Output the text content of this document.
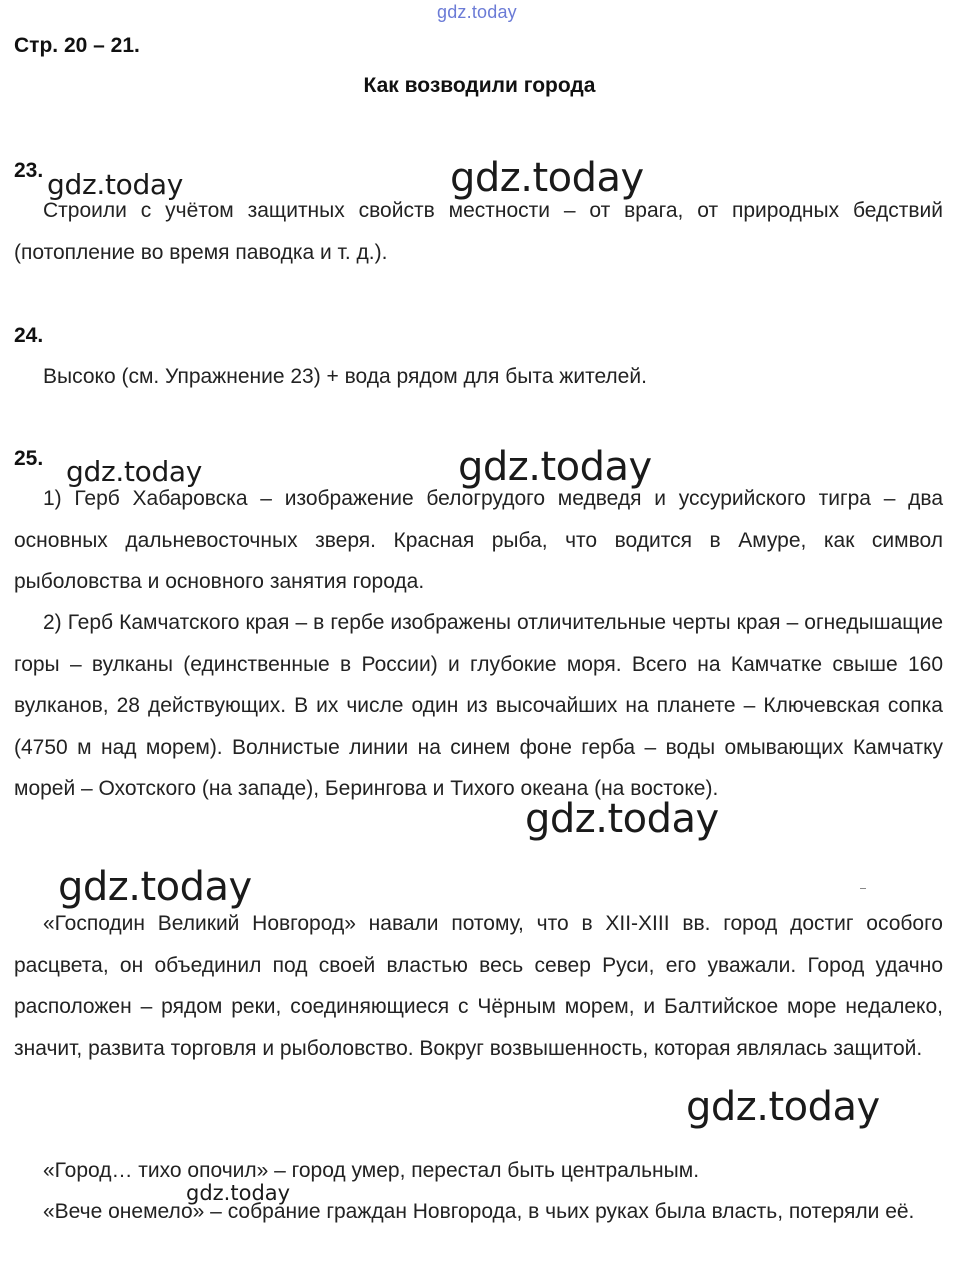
gdz.today
Стр. 20 – 21.
Как возводили города
23.

Строили с учётом защитных свойств местности – от врага, от природных бедствий (потопление во время паводка и т. д.).

24.
Высоко (см. Упражнение 23) + вода рядом для быта жителей.
25.

1) Герб Хабаровска – изображение белогрудого медведя и уссурийского тигра – два основных дальневосточных зверя. Красная рыба, что водится в Амуре, как символ рыболовства и основного занятия города.

2) Герб Камчатского края – в гербе изображены отличительные черты края – огнедышащие горы – вулканы (единственные в России) и глубокие моря. Всего на Камчатке свыше 160 вулканов, 28 действующих. В их числе один из высочайших на планете – Ключевская сопка (4750 м над морем). Волнистые линии на синем фоне герба – воды омывающих Камчатку морей – Охотского (на западе), Берингова и Тихого океана (на востоке).

«Господин Великий Новгород» навали потому, что в XII-XIII вв. город достиг особого расцвета, он объединил под своей властью весь север Руси, его уважали. Город удачно расположен – рядом реки, соединяющиеся с Чёрным морем, и Балтийское море недалеко, значит, развита торговля и рыболовство. Вокруг возвышенность, которая являлась защитой.

«Город… тихо опочил» – город умер, перестал быть центральным.

«Вече онемело» – собрание граждан Новгорода, в чьих руках была власть, потеряли её.

gdz.today	gdz.today
gdz.today	gdz.today
gdz.today
gdz.today
gdz.today
gdz.today
